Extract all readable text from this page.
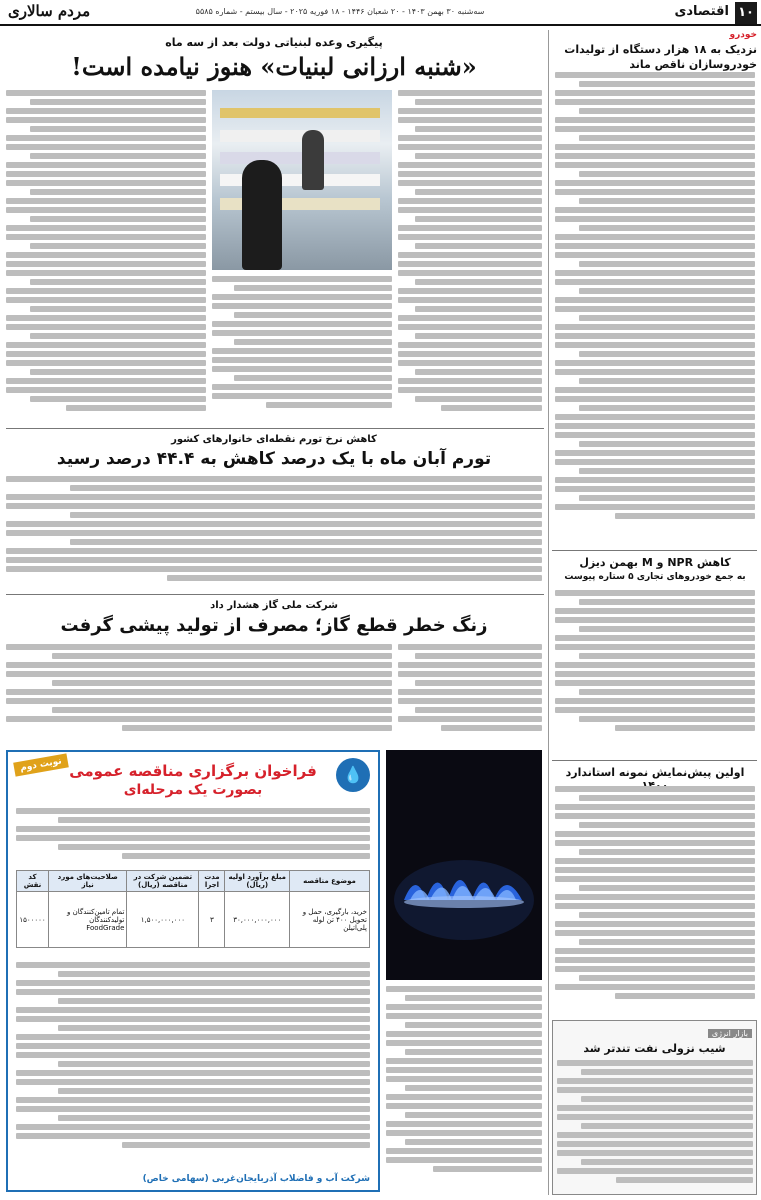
۱۰
اقتصادی
سه‌شنبه ۳۰ بهمن ۱۴۰۳ - ۲۰ شعبان ۱۴۴۶ - ۱۸ فوریه ۲۰۲۵ - سال بیستم - شماره ۵۵۸۵
مردم سالاری
خودرو
نزدیک به ۱۸ هزار دستگاه از تولیدات خودروسازان ناقص ماند
کاهش NPR و M بهمن دیزل
به جمع خودروهای تجاری ۵ ستاره پیوست
اولین پیش‌نمایش نمونه استاندارد
بازار انرژی
شیب نزولی نفت تندتر شد
پیگیری وعده لبنیاتی دولت بعد از سه ماه
«شنبه ارزانی لبنیات» هنوز نیامده است!
کاهش نرخ تورم نقطه‌ای خانوارهای کشور
تورم آبان ماه با یک درصد کاهش به ۴۴.۴ درصد رسید
شرکت ملی گاز هشدار داد
زنگ خطر قطع گاز؛ مصرف از تولید پیشی گرفت
نوبت دوم	💧
فراخوان برگزاری مناقصه عمومی
بصورت یک مرحله‌ای
موضوع مناقصه	مبلغ برآورد اولیه (ریال)	مدت اجرا	تضمین شرکت در مناقصه (ریال)	صلاحیت‌های مورد نیاز	کد نقش
خرید، بارگیری، حمل و تحویل ۴۰۰ تن لوله پلی‌اتیلن	۳۰,۰۰۰,۰۰۰,۰۰۰	۳	۱,۵۰۰,۰۰۰,۰۰۰	تمام تامین‌کنندگان و تولیدکنندگان FoodGrade	۱۵۰۰۰۰۰
شرکت آب و فاضلاب آذربایجان‌غربی (سهامی خاص)
